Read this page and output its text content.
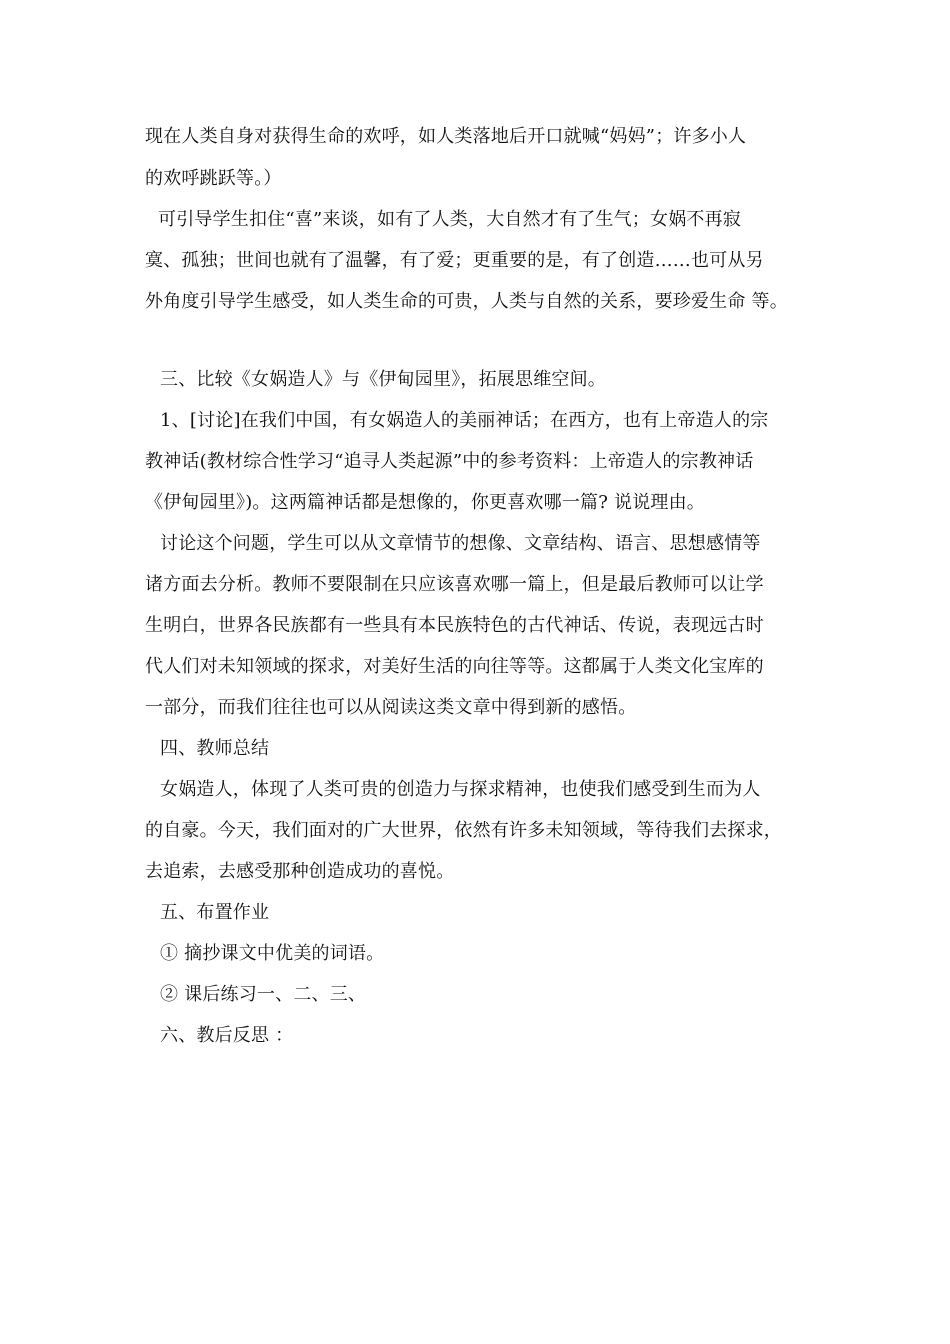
现在人类自身对获得生命的欢呼，如人类落地后开口就喊“妈妈”；许多小人
的欢呼跳跃等。）
可引导学生扣住“喜”来谈，如有了人类，大自然才有了生气；女娲不再寂
寞、孤独；世间也就有了温馨，有了爱；更重要的是，有了创造……也可从另
外角度引导学生感受，如人类生命的可贵，人类与自然的关系，要珍爱生命 等。
三、比较《女娲造人》与《伊甸园里》，拓展思维空间。
1、[讨论]在我们中国，有女娲造人的美丽神话；在西方，也有上帝造人的宗
教神话(教材综合性学习“追寻人类起源”中的参考资料：上帝造人的宗教神话
《伊甸园里》)。这两篇神话都是想像的，你更喜欢哪一篇? 说说理由。
讨论这个问题，学生可以从文章情节的想像、文章结构、语言、思想感情等
诸方面去分析。教师不要限制在只应该喜欢哪一篇上，但是最后教师可以让学
生明白，世界各民族都有一些具有本民族特色的古代神话、传说，表现远古时
代人们对未知领域的探求，对美好生活的向往等等。这都属于人类文化宝库的
一部分，而我们往往也可以从阅读这类文章中得到新的感悟。
四、教师总结
女娲造人，体现了人类可贵的创造力与探求精神，也使我们感受到生而为人
的自豪。今天，我们面对的广大世界，依然有许多未知领域，等待我们去探求，
去追索，去感受那种创造成功的喜悦。
五、布置作业
① 摘抄课文中优美的词语。
② 课后练习一、二、三、
六、教后反思 ：
